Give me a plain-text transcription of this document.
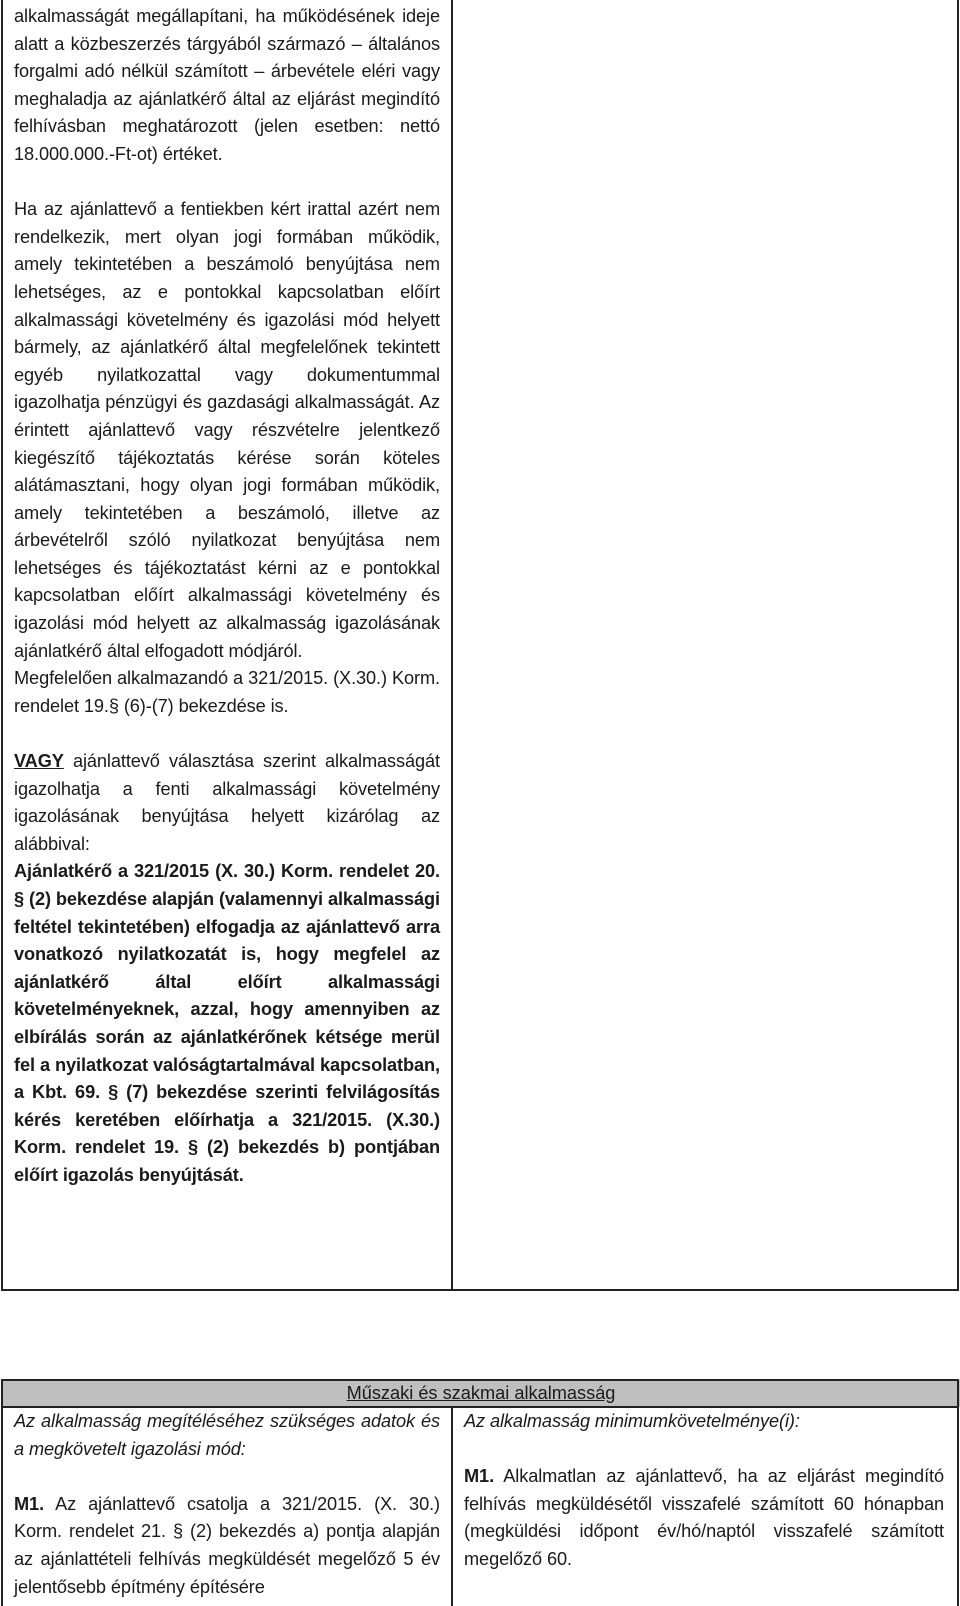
alkalmasságát megállapítani, ha működésének ideje alatt a közbeszerzés tárgyából származó – általános forgalmi adó nélkül számított – árbevétele eléri vagy meghaladja az ajánlatkérő által az eljárást megindító felhívásban meghatározott (jelen esetben: nettó 18.000.000.-Ft-ot) értéket.

Ha az ajánlattevő a fentiekben kért irattal azért nem rendelkezik, mert olyan jogi formában működik, amely tekintetében a beszámoló benyújtása nem lehetséges, az e pontokkal kapcsolatban előírt alkalmassági követelmény és igazolási mód helyett bármely, az ajánlatkérő által megfelelőnek tekintett egyéb nyilatkozattal vagy dokumentummal igazolhatja pénzügyi és gazdasági alkalmasságát. Az érintett ajánlattevő vagy részvételre jelentkező kiegészítő tájékoztatás kérése során köteles alátámasztani, hogy olyan jogi formában működik, amely tekintetében a beszámoló, illetve az árbevételről szóló nyilatkozat benyújtása nem lehetséges és tájékoztatást kérni az e pontokkal kapcsolatban előírt alkalmassági követelmény és igazolási mód helyett az alkalmasság igazolásának ajánlatkérő által elfogadott módjáról.

Megfelelően alkalmazandó a 321/2015. (X.30.) Korm. rendelet 19.§ (6)-(7) bekezdése is.

VAGY ajánlattevő választása szerint alkalmasságát igazolhatja a fenti alkalmassági követelmény igazolásának benyújtása helyett kizárólag az alábbival:

Ajánlatkérő a 321/2015 (X. 30.) Korm. rendelet 20. § (2) bekezdése alapján (valamennyi alkalmassági feltétel tekintetében) elfogadja az ajánlattevő arra vonatkozó nyilatkozatát is, hogy megfelel az ajánlatkérő által előírt alkalmassági követelményeknek, azzal, hogy amennyiben az elbírálás során az ajánlatkérőnek kétsége merül fel a nyilatkozat valóságtartalmával kapcsolatban, a Kbt. 69. § (7) bekezdése szerinti felvilágosítás kérés keretében előírhatja a 321/2015. (X.30.) Korm. rendelet 19. § (2) bekezdés b) pontjában előírt igazolás benyújtását.

Műszaki és szakmai alkalmasság

Az alkalmasság megítéléséhez szükséges adatok és a megkövetelt igazolási mód:

M1. Az ajánlattevő csatolja a 321/2015. (X. 30.) Korm. rendelet 21. § (2) bekezdés a) pontja alapján az ajánlattételi felhívás megküldését megelőző 5 év jelentősebb építmény építésére

Az alkalmasság minimumkövetelménye(i):

M1. Alkalmatlan az ajánlattevő, ha az eljárást megindító felhívás megküldésétől visszafelé számított 60 hónapban (megküldési időpont év/hó/naptól visszafelé számított megelőző 60.
